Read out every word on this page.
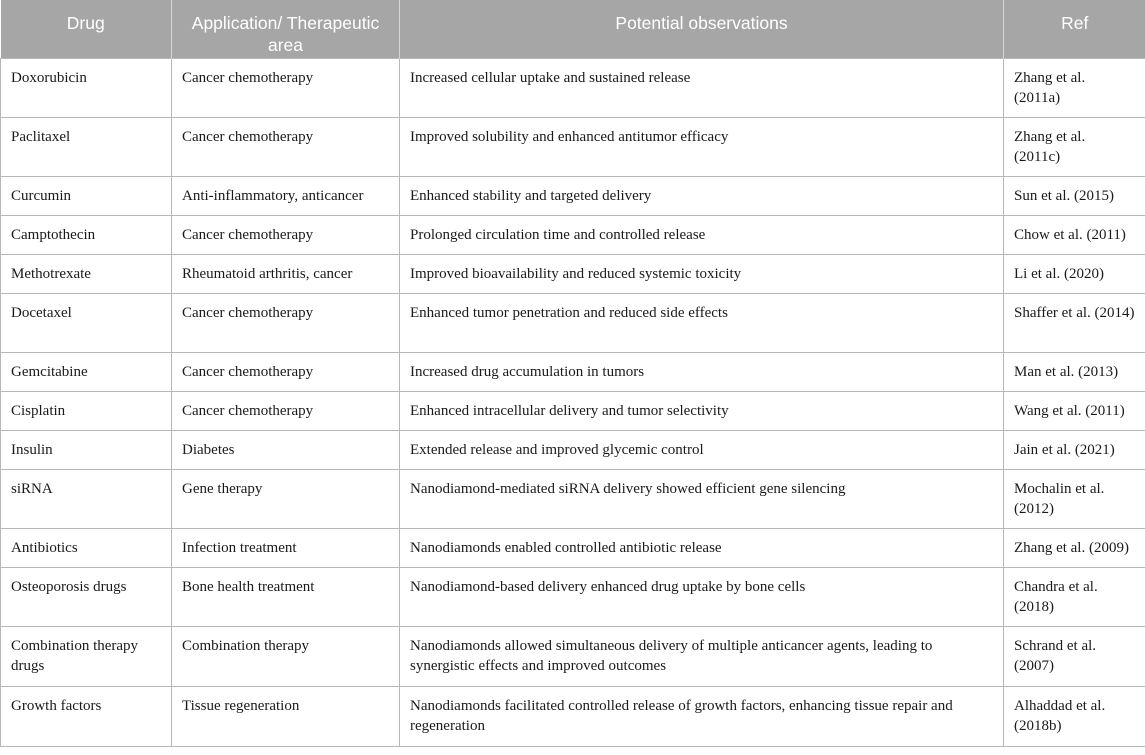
Drug	Application/ Therapeutic area	Potential observations	Ref
Doxorubicin	Cancer chemotherapy	Increased cellular uptake and sustained release	Zhang et al. (2011a)
Paclitaxel	Cancer chemotherapy	Improved solubility and enhanced antitumor efficacy	Zhang et al. (2011c)
Curcumin	Anti-inflammatory, anticancer	Enhanced stability and targeted delivery	Sun et al. (2015)
Camptothecin	Cancer chemotherapy	Prolonged circulation time and controlled release	Chow et al. (2011)
Methotrexate	Rheumatoid arthritis, cancer	Improved bioavailability and reduced systemic toxicity	Li et al. (2020)
Docetaxel	Cancer chemotherapy	Enhanced tumor penetration and reduced side effects	Shaffer et al. (2014)
Gemcitabine	Cancer chemotherapy	Increased drug accumulation in tumors	Man et al. (2013)
Cisplatin	Cancer chemotherapy	Enhanced intracellular delivery and tumor selectivity	Wang et al. (2011)
Insulin	Diabetes	Extended release and improved glycemic control	Jain et al. (2021)
siRNA	Gene therapy	Nanodiamond-mediated siRNA delivery showed efficient gene silencing	Mochalin et al. (2012)
Antibiotics	Infection treatment	Nanodiamonds enabled controlled antibiotic release	Zhang et al. (2009)
Osteoporosis drugs	Bone health treatment	Nanodiamond-based delivery enhanced drug uptake by bone cells	Chandra et al. (2018)
Combination therapy drugs	Combination therapy	Nanodiamonds allowed simultaneous delivery of multiple anticancer agents, leading to synergistic effects and improved outcomes	Schrand et al. (2007)
Growth factors	Tissue regeneration	Nanodiamonds facilitated controlled release of growth factors, enhancing tissue repair and regeneration	Alhaddad et al. (2018b)
